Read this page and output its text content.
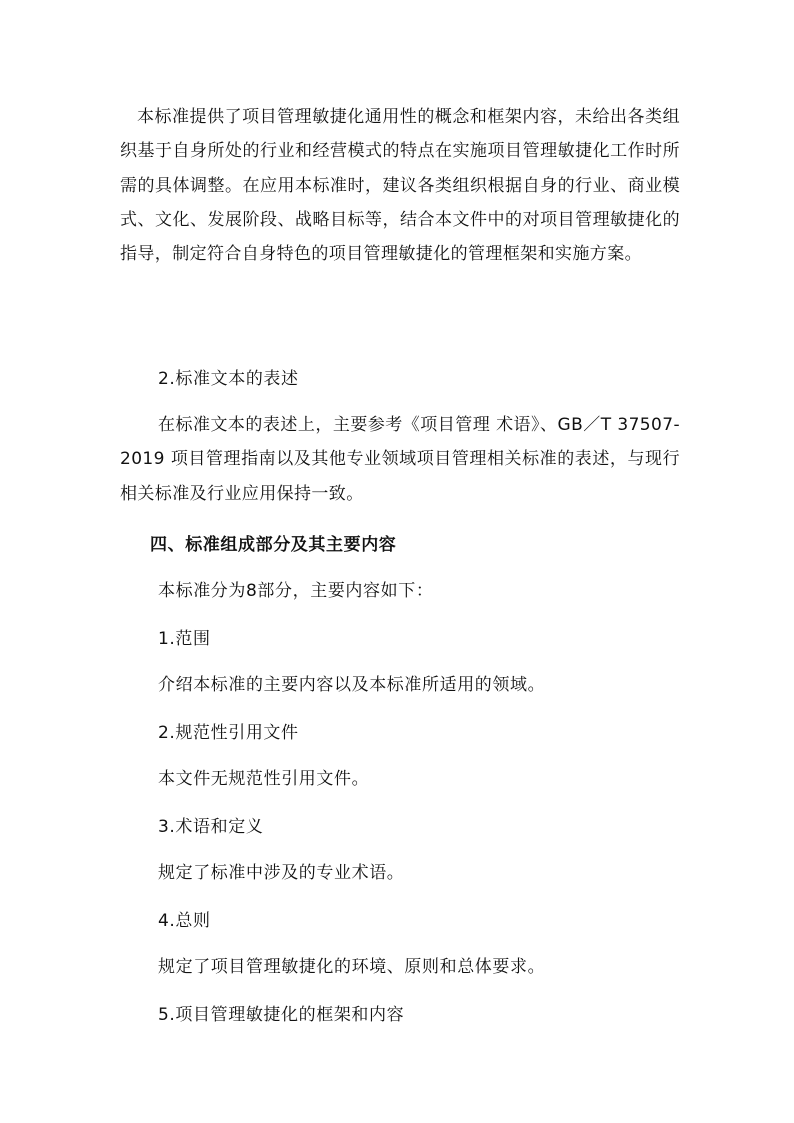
本标准提供了项目管理敏捷化通用性的概念和框架内容，未给出各类组织基于自身所处的行业和经营模式的特点在实施项目管理敏捷化工作时所需的具体调整。在应用本标准时，建议各类组织根据自身的行业、商业模式、文化、发展阶段、战略目标等，结合本文件中的对项目管理敏捷化的指导，制定符合自身特色的项目管理敏捷化的管理框架和实施方案。
2.标准文本的表述
在标准文本的表述上，主要参考《项目管理 术语》、GB／T 37507-2019 项目管理指南以及其他专业领域项目管理相关标准的表述，与现行相关标准及行业应用保持一致。
四、标准组成部分及其主要内容
本标准分为8部分，主要内容如下：
1.范围
介绍本标准的主要内容以及本标准所适用的领域。
2.规范性引用文件
本文件无规范性引用文件。
3.术语和定义
规定了标准中涉及的专业术语。
4.总则
规定了项目管理敏捷化的环境、原则和总体要求。
5.项目管理敏捷化的框架和内容
